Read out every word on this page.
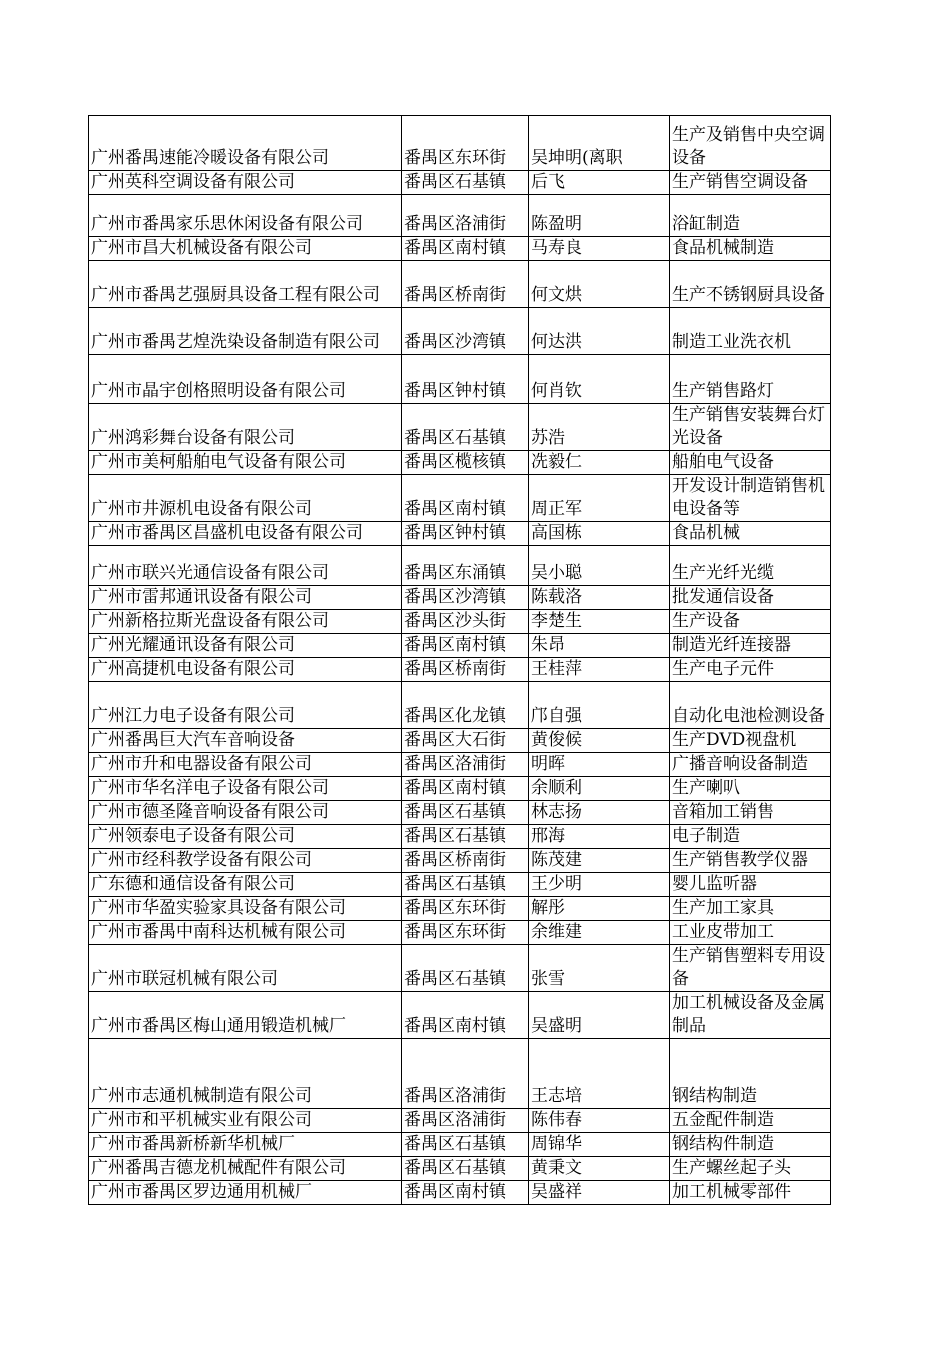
广州番禺速能冷暖设备有限公司	番禺区东环街	吴坤明(离职	生产及销售中央空调设备
广州英科空调设备有限公司	番禺区石基镇	后飞	生产销售空调设备
广州市番禺家乐思休闲设备有限公司	番禺区洛浦街	陈盈明	浴缸制造
广州市昌大机械设备有限公司	番禺区南村镇	马寿良	食品机械制造
广州市番禺艺强厨具设备工程有限公司	番禺区桥南街	何文烘	生产不锈钢厨具设备
广州市番禺艺煌洗染设备制造有限公司	番禺区沙湾镇	何达洪	制造工业洗衣机
广州市晶宇创格照明设备有限公司	番禺区钟村镇	何肖钦	生产销售路灯
广州鸿彩舞台设备有限公司	番禺区石基镇	苏浩	生产销售安装舞台灯光设备
广州市美柯船舶电气设备有限公司	番禺区榄核镇	冼毅仁	船舶电气设备
广州市井源机电设备有限公司	番禺区南村镇	周正军	开发设计制造销售机电设备等
广州市番禺区昌盛机电设备有限公司	番禺区钟村镇	高国栋	食品机械
广州市联兴光通信设备有限公司	番禺区东涌镇	吴小聪	生产光纤光缆
广州市雷邦通讯设备有限公司	番禺区沙湾镇	陈载洛	批发通信设备
广州新格拉斯光盘设备有限公司	番禺区沙头街	李楚生	生产设备
广州光耀通讯设备有限公司	番禺区南村镇	朱昂	制造光纤连接器
广州高捷机电设备有限公司	番禺区桥南街	王桂萍	生产电子元件
广州江力电子设备有限公司	番禺区化龙镇	邝自强	自动化电池检测设备
广州番禺巨大汽车音响设备	番禺区大石街	黄俊候	生产DVD视盘机
广州市升和电器设备有限公司	番禺区洛浦街	明晖	广播音响设备制造
广州市华名洋电子设备有限公司	番禺区南村镇	余顺利	生产喇叭
广州市德圣隆音响设备有限公司	番禺区石基镇	林志扬	音箱加工销售
广州领泰电子设备有限公司	番禺区石基镇	邢海	电子制造
广州市经科教学设备有限公司	番禺区桥南街	陈茂建	生产销售教学仪器
广东德和通信设备有限公司	番禺区石基镇	王少明	婴儿监听器
广州市华盈实验家具设备有限公司	番禺区东环街	解彤	生产加工家具
广州市番禺中南科达机械有限公司	番禺区东环街	余维建	工业皮带加工
广州市联冠机械有限公司	番禺区石基镇	张雪	生产销售塑料专用设备
广州市番禺区梅山通用锻造机械厂	番禺区南村镇	吴盛明	加工机械设备及金属制品
广州市志通机械制造有限公司	番禺区洛浦街	王志培	钢结构制造
广州市和平机械实业有限公司	番禺区洛浦街	陈伟春	五金配件制造
广州市番禺新桥新华机械厂	番禺区石基镇	周锦华	钢结构件制造
广州番禺吉德龙机械配件有限公司	番禺区石基镇	黄秉文	生产螺丝起子头
广州市番禺区罗边通用机械厂	番禺区南村镇	吴盛祥	加工机械零部件
